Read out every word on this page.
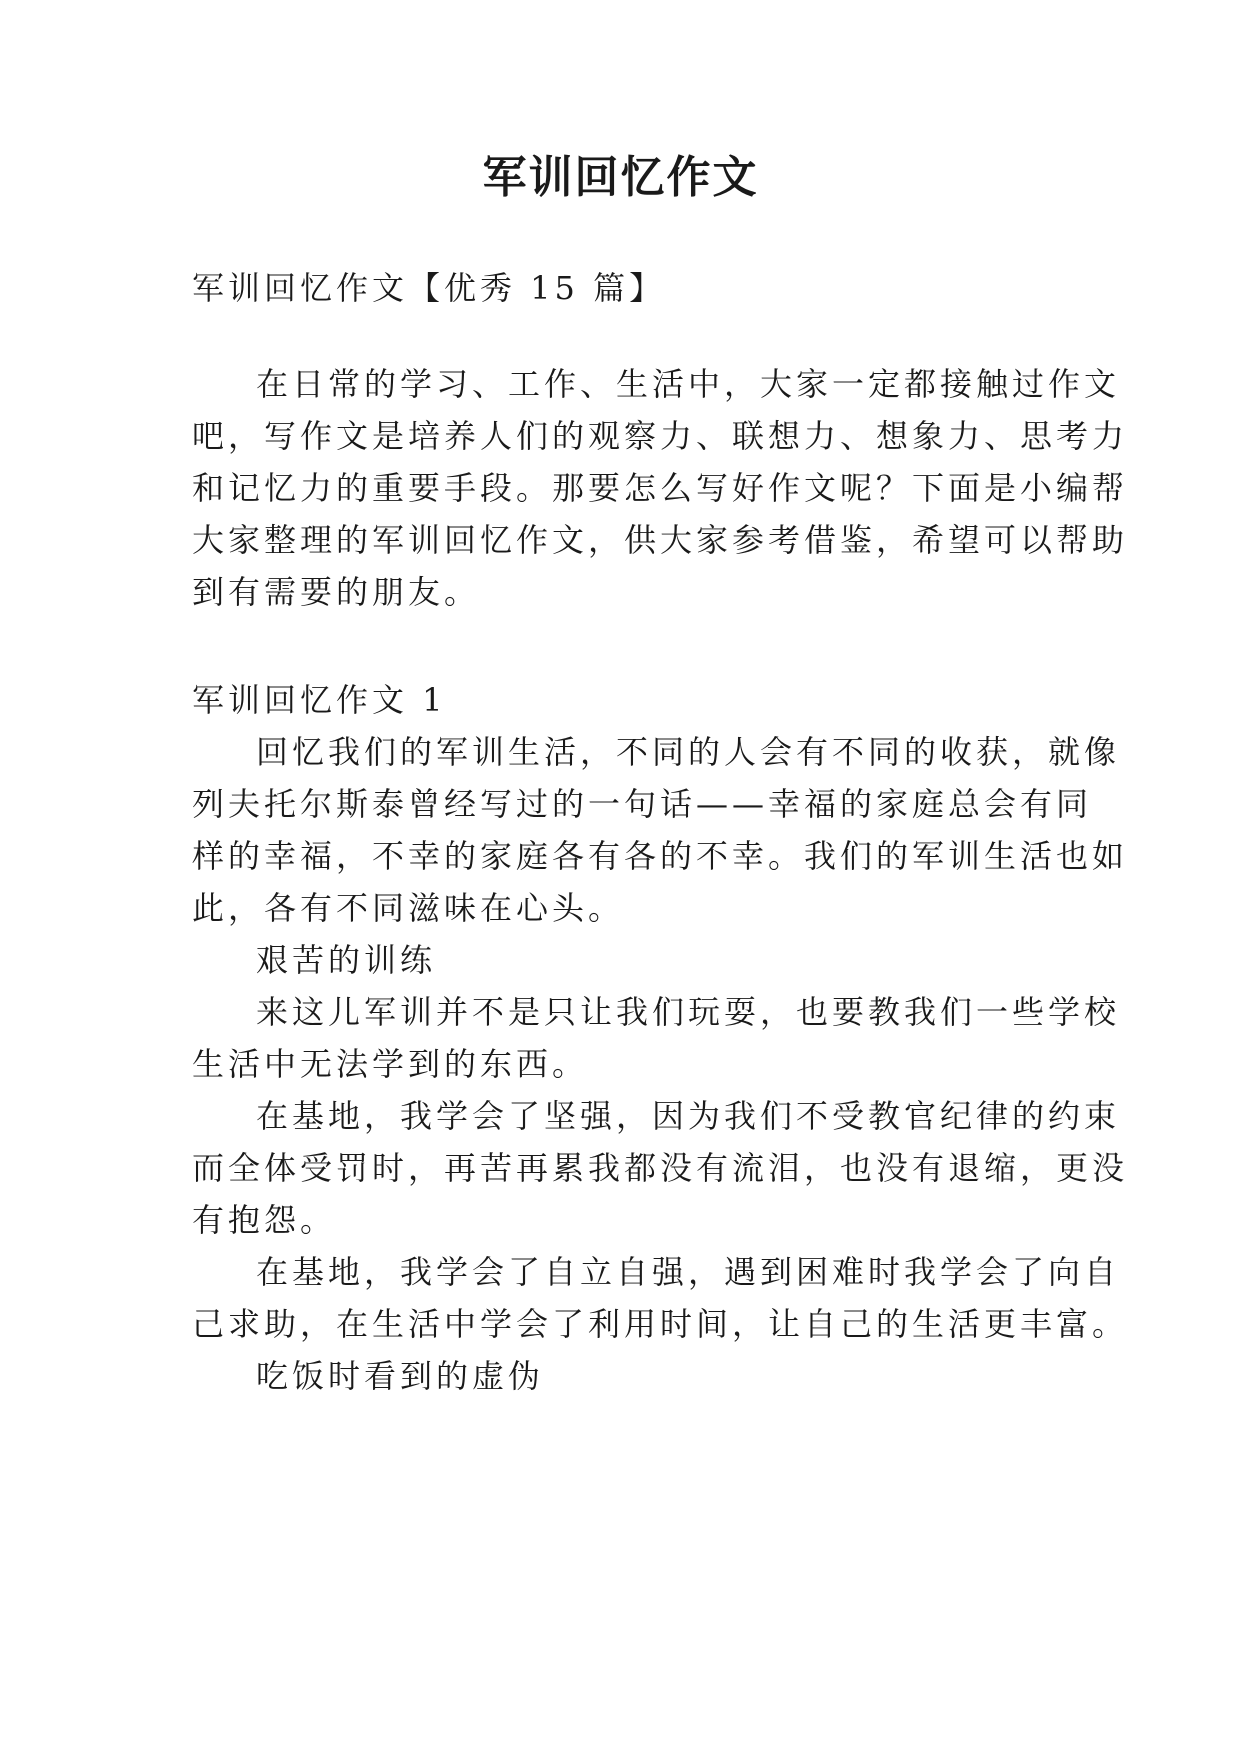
军训回忆作文
军训回忆作文【优秀 15 篇】
在日常的学习、工作、生活中，大家一定都接触过作文
吧，写作文是培养人们的观察力、联想力、想象力、思考力
和记忆力的重要手段。那要怎么写好作文呢？下面是小编帮
大家整理的军训回忆作文，供大家参考借鉴，希望可以帮助
到有需要的朋友。
军训回忆作文 1
回忆我们的军训生活，不同的人会有不同的收获，就像
列夫托尔斯泰曾经写过的一句话——幸福的家庭总会有同
样的幸福，不幸的家庭各有各的不幸。我们的军训生活也如
此，各有不同滋味在心头。
艰苦的训练
来这儿军训并不是只让我们玩耍，也要教我们一些学校
生活中无法学到的东西。
在基地，我学会了坚强，因为我们不受教官纪律的约束
而全体受罚时，再苦再累我都没有流泪，也没有退缩，更没
有抱怨。
在基地，我学会了自立自强，遇到困难时我学会了向自
己求助，在生活中学会了利用时间，让自己的生活更丰富。
吃饭时看到的虚伪
